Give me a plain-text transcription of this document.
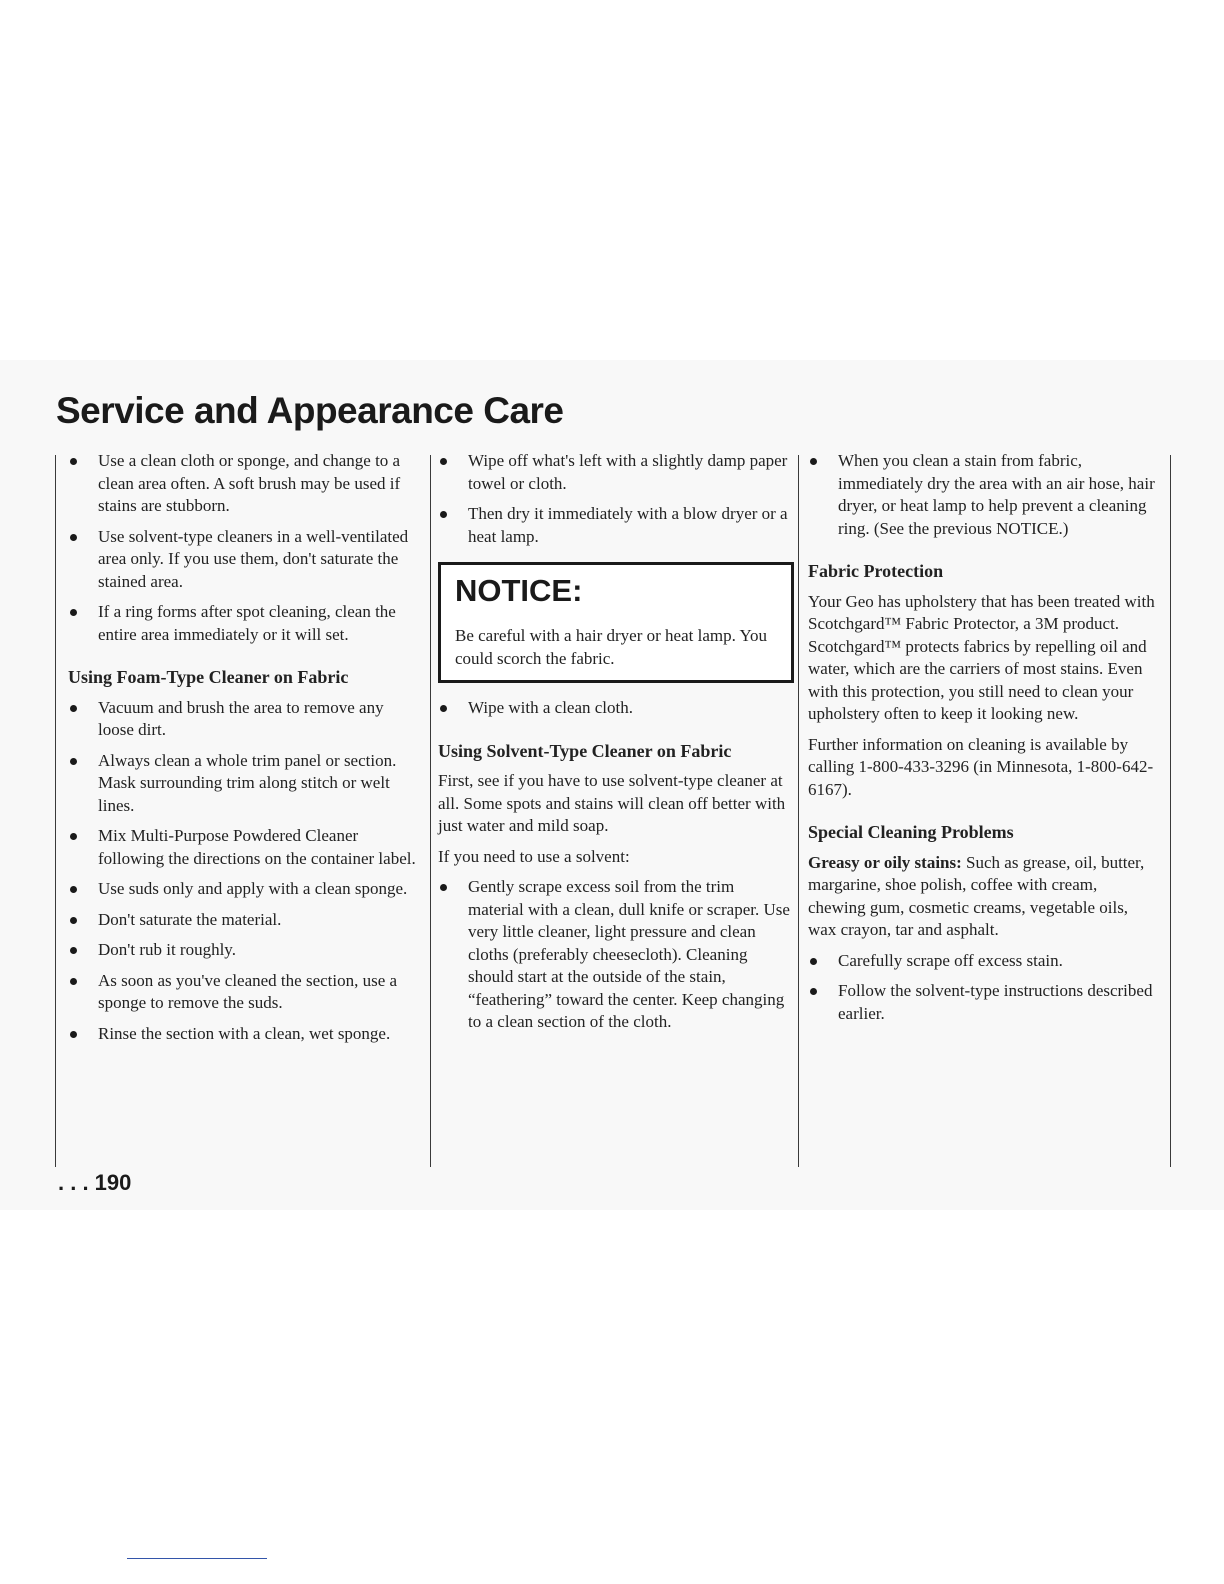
Service and Appearance Care
Use a clean cloth or sponge, and change to a clean area often. A soft brush may be used if stains are stubborn.
Use solvent-type cleaners in a well-ventilated area only. If you use them, don't saturate the stained area.
If a ring forms after spot cleaning, clean the entire area immediately or it will set.
Using Foam-Type Cleaner on Fabric
Vacuum and brush the area to remove any loose dirt.
Always clean a whole trim panel or section. Mask surrounding trim along stitch or welt lines.
Mix Multi-Purpose Powdered Cleaner following the directions on the container label.
Use suds only and apply with a clean sponge.
Don't saturate the material.
Don't rub it roughly.
As soon as you've cleaned the section, use a sponge to remove the suds.
Rinse the section with a clean, wet sponge.
Wipe off what's left with a slightly damp paper towel or cloth.
Then dry it immediately with a blow dryer or a heat lamp.
NOTICE:

Be careful with a hair dryer or heat lamp. You could scorch the fabric.

Wipe with a clean cloth.
Using Solvent-Type Cleaner on Fabric

First, see if you have to use solvent-type cleaner at all. Some spots and stains will clean off better with just water and mild soap.

If you need to use a solvent:

Gently scrape excess soil from the trim material with a clean, dull knife or scraper. Use very little cleaner, light pressure and clean cloths (preferably cheesecloth). Cleaning should start at the outside of the stain, “feathering” toward the center. Keep changing to a clean section of the cloth.
When you clean a stain from fabric, immediately dry the area with an air hose, hair dryer, or heat lamp to help prevent a cleaning ring. (See the previous NOTICE.)
Fabric Protection

Your Geo has upholstery that has been treated with Scotchgard™ Fabric Protector, a 3M product. Scotchgard™ protects fabrics by repelling oil and water, which are the carriers of most stains. Even with this protection, you still need to clean your upholstery often to keep it looking new.

Further information on cleaning is available by calling 1-800-433-3296 (in Minnesota, 1-800-642-6167).

Special Cleaning Problems

Greasy or oily stains: Such as grease, oil, butter, margarine, shoe polish, coffee with cream, chewing gum, cosmetic creams, vegetable oils, wax crayon, tar and asphalt.

Carefully scrape off excess stain.
Follow the solvent-type instructions described earlier.
. . . 190
